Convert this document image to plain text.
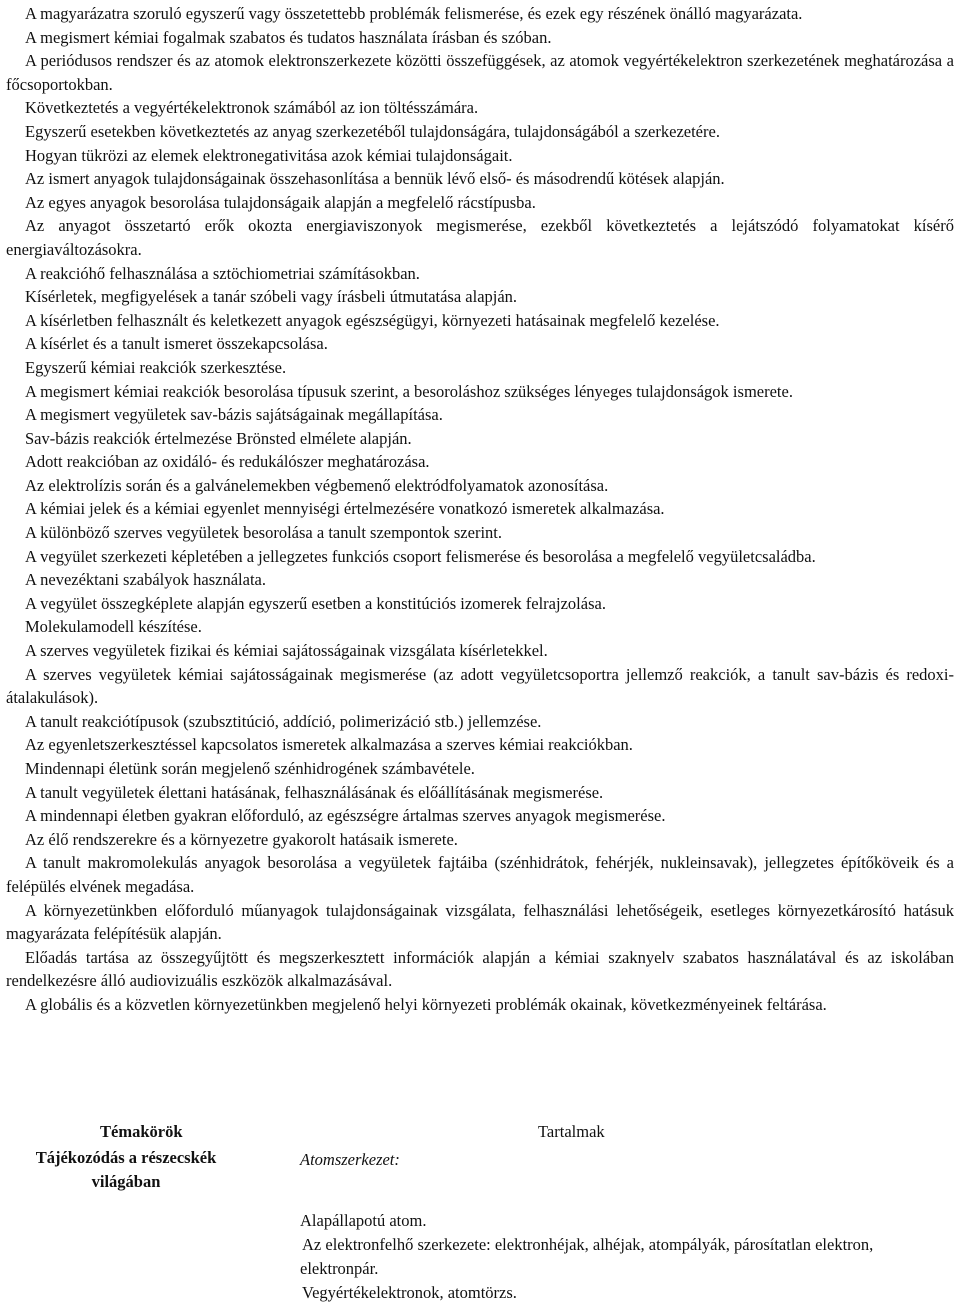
A magyarázatra szoruló egyszerű vagy összetettebb problémák felismerése, és ezek egy részének önálló magyarázata.

A megismert kémiai fogalmak szabatos és tudatos használata írásban és szóban.

A periódusos rendszer és az atomok elektronszerkezete közötti összefüggések, az atomok vegyértékelektron szerkezetének meghatározása a főcsoportokban.

Következtetés a vegyértékelektronok számából az ion töltésszámára.

Egyszerű esetekben következtetés az anyag szerkezetéből tulajdonságára, tulajdonságából a szerkezetére.

Hogyan tükrözi az elemek elektronegativitása azok kémiai tulajdonságait.

Az ismert anyagok tulajdonságainak összehasonlítása a bennük lévő első- és másodrendű kötések alapján.

Az egyes anyagok besorolása tulajdonságaik alapján a megfelelő rácstípusba.

Az anyagot összetartó erők okozta energiaviszonyok megismerése, ezekből következtetés a lejátszódó folyamatokat kísérő energiaváltozásokra.

A reakcióhő felhasználása a sztöchiometriai számításokban.

Kísérletek, megfigyelések a tanár szóbeli vagy írásbeli útmutatása alapján.

A kísérletben felhasznált és keletkezett anyagok egészségügyi, környezeti hatásainak megfelelő kezelése.

A kísérlet és a tanult ismeret összekapcsolása.

Egyszerű kémiai reakciók szerkesztése.

A megismert kémiai reakciók besorolása típusuk szerint, a besoroláshoz szükséges lényeges tulajdonságok ismerete.

A megismert vegyületek sav-bázis sajátságainak megállapítása.

Sav-bázis reakciók értelmezése Brönsted elmélete alapján.

Adott reakcióban az oxidáló- és redukálószer meghatározása.

Az elektrolízis során és a galvánelemekben végbemenő elektródfolyamatok azonosítása.

A kémiai jelek és a kémiai egyenlet mennyiségi értelmezésére vonatkozó ismeretek alkalmazása.

A különböző szerves vegyületek besorolása a tanult szempontok szerint.

A vegyület szerkezeti képletében a jellegzetes funkciós csoport felismerése és besorolása a megfelelő vegyületcsaládba.

A nevezéktani szabályok használata.

A vegyület összegképlete alapján egyszerű esetben a konstitúciós izomerek felrajzolása.

Molekulamodell készítése.

A szerves vegyületek fizikai és kémiai sajátosságainak vizsgálata kísérletekkel.

A szerves vegyületek kémiai sajátosságainak megismerése (az adott vegyületcsoportra jellemző reakciók, a tanult sav-bázis és redoxi-átalakulások).

A tanult reakciótípusok (szubsztitúció, addíció, polimerizáció stb.) jellemzése.

Az egyenletszerkesztéssel kapcsolatos ismeretek alkalmazása a szerves kémiai reakciókban.

Mindennapi életünk során megjelenő szénhidrogének számbavétele.

A tanult vegyületek élettani hatásának, felhasználásának és előállításának megismerése.

A mindennapi életben gyakran előforduló, az egészségre ártalmas szerves anyagok megismerése.

Az élő rendszerekre és a környezetre gyakorolt hatásaik ismerete.

A tanult makromolekulás anyagok besorolása a vegyületek fajtáiba (szénhidrátok, fehérjék, nukleinsavak), jellegzetes építőköveik és a felépülés elvének megadása.

A környezetünkben előforduló műanyagok tulajdonságainak vizsgálata, felhasználási lehetőségeik, esetleges környezetkárosító hatásuk magyarázata felépítésük alapján.

Előadás tartása az összegyűjtött és megszerkesztett információk alapján a kémiai szaknyelv szabatos használatával és az iskolában rendelkezésre álló audiovizuális eszközök alkalmazásával.

A globális és a közvetlen környezetünkben megjelenő helyi környezeti problémák okainak, következményeinek feltárása.

Témakörök
Tájékozódás a részecskék világában
Tartalmak

Atomszerkezet:

Alapállapotú atom.

Az elektronfelhő szerkezete: elektronhéjak, alhéjak, atompályák, párosítatlan elektron, elektronpár.

Vegyértékelektronok, atomtörzs.
